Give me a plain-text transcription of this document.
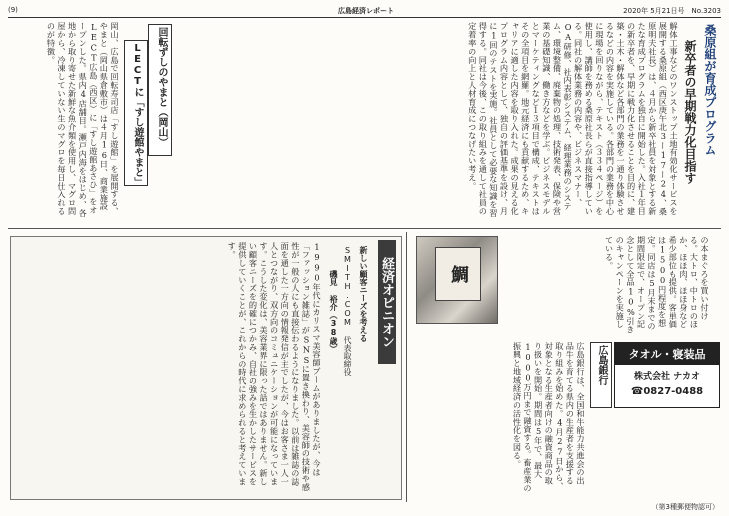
(9)	広島経済レポート	2020年 5月21日号　No.3203
桑原組が育成プログラム
新卒者の早期戦力化目指す
解体工事などのワンストップ土地有効化サービスを展開する桑原組（西区庚午北3ー17ー24、桑原明夫社長）は、４月から新卒社員を対象とする新たな育成プログラムを独自に開始した。入社１年目の新卒者を、早期に戦力化させることを目的に、建築・土木・解体など各部門の業務を一通り体験させるなどの内容を実施している。各部門の業務を中心に現場を回りながら、テキスト（３３４ページ）を使用し、講師を務める桑原社長らが直接指導している。同社の解体業務の内容や、ビジネスマナー、OA研修、社内表彰システム、経理業務のシステム、環境整備、廃棄物の処理、技術発表、保険や営業の基礎知識、働き方などを学ぶ。ビジネスモデルとマーケティングなど１３項目で構成、テキストはその全項目を網羅。地元経済にも貢献するため、キャリアに適した内容を取り入れた。成果の見える化プログラム内容として、独自の評価基準を設け、月に1回のテストを実施。社員として必要な知識を習得する。同社は今後、この取り組みを通して社員の定着率の向上と人材育成につなげたい考え。
回転ずしのやまと（岡山）
LECTに「すし遊館やまと」
岡山、広島で回転寿司店「すし遊館」を展開する、やまと（岡山県倉敷市）は４月16日、商業施設LECT広島（西区）に「すし遊館あさひ」をオープンした。県内4店舗目。瀬戸内海をはじめ、各地から取り寄せた新鮮な魚介類を使用し、マグロ問屋から、冷凍していない生のマグロを毎日仕入れるのが特徴。
経済オピニオン
新しい顧客ニーズを考える
SMITH.COM 代表取締役
磯見 裕介（38歳）
1990年代にカリスマ美容師ブームがありましたが、今は「ファッション雑誌」がSNSに置き換わり、美容師の技術や感性が一般の人にも直接伝わるようになりました。以前は雑誌の誌面を通した一方向の情報発信が主でしたが、今はお客さま一人一人とつながり、双方向のコミュニケーションが可能になっています。こうした変化は、美容業界に限った話ではありません。新しい顧客ニーズを的確につかみ、自社の強みを生かしたサービスを提供していくことが、これからの時代に求められると考えています。
鯛	の本まぐろを買い付ける。大トロ、中トロのほか、ほほ肉、ほほ身など希少部位も提供。客単価は1500円程度を想定。同店は5月末までの期間限定で、オープン記念として全品10%引きのキャンペーンを実施している。
広島銀行
広島銀行は、全国和牛能力共進会の出品牛を育てる県内の生産者を支援する取り組みを始めた。4月27日から、対象となる生産者向けの融資商品の取り扱いを開始。期間は5年で、最大1000万円まで融資する。畜産業の振興と地域経済の活性化を図る。	タオル・寝装品
株式会社 ナカオ
☎0827-0488
（第3種郵便物認可）
